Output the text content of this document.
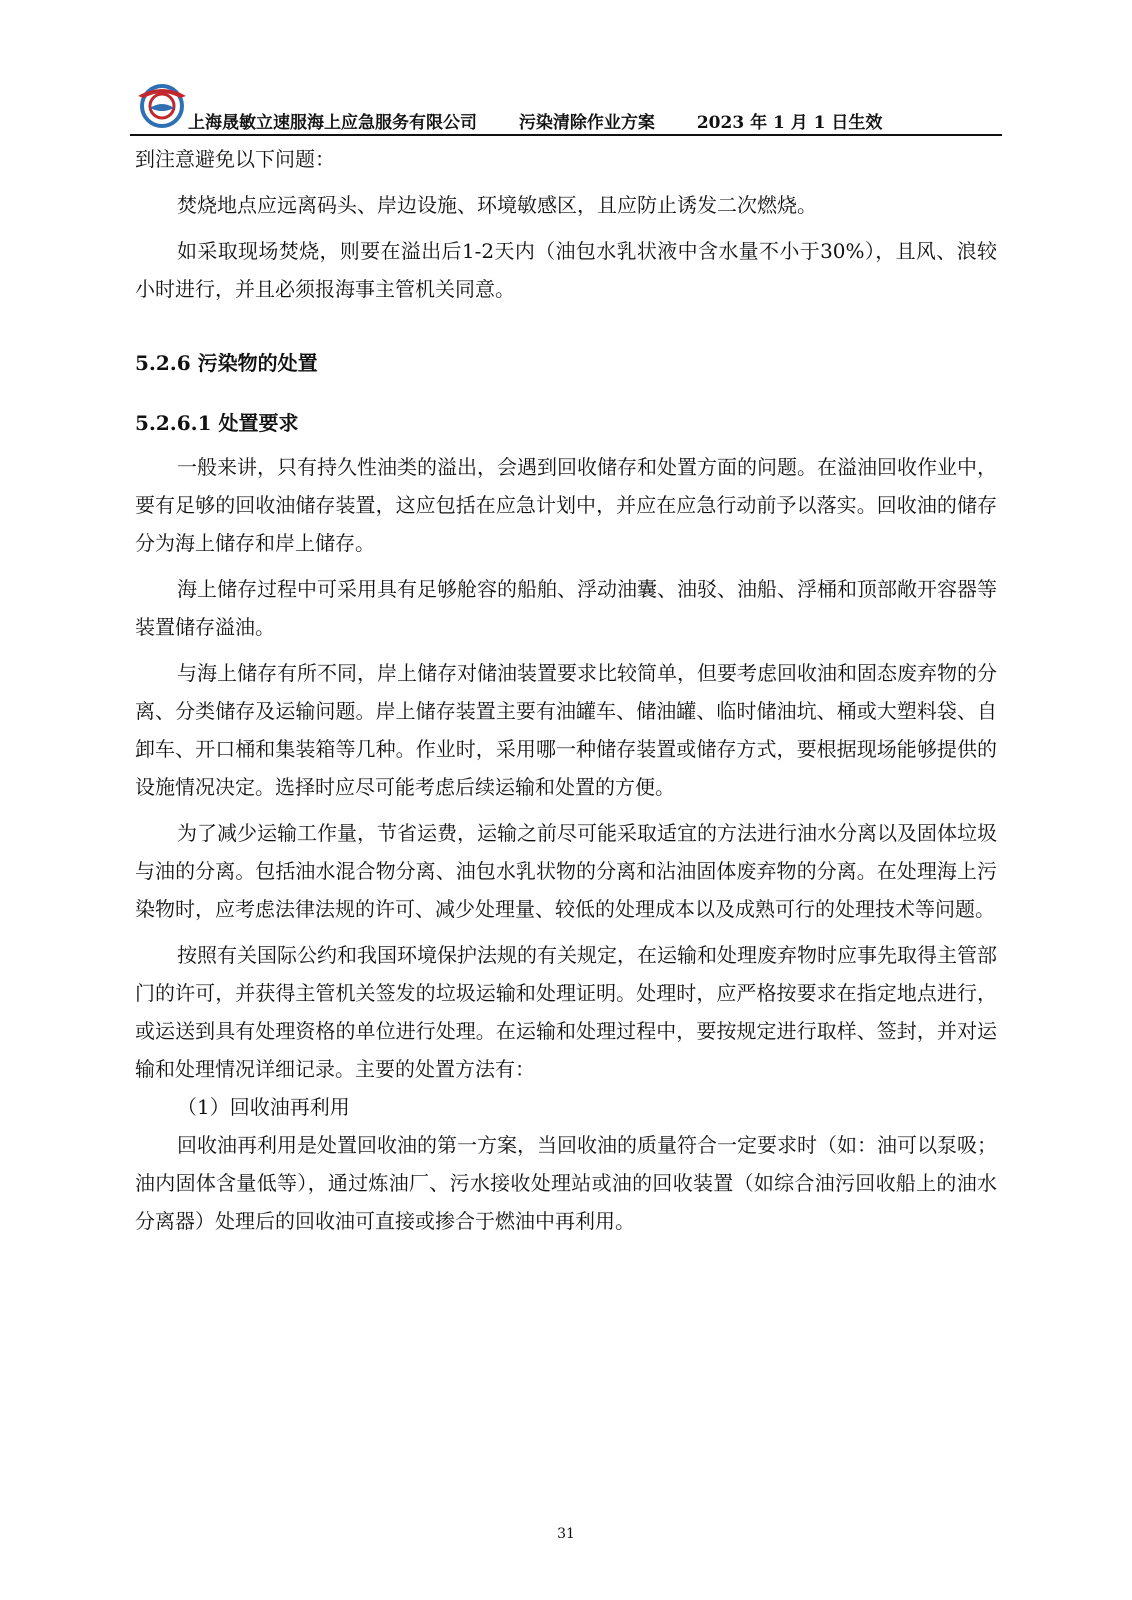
上海晟敏立速服海上应急服务有限公司 污染清除作业方案 2023 年 1 月 1 日生效

到注意避免以下问题：

焚烧地点应远离码头、岸边设施、环境敏感区，且应防止诱发二次燃烧。

如采取现场焚烧，则要在溢出后1-2天内（油包水乳状液中含水量不小于30%），且风、浪较小时进行，并且必须报海事主管机关同意。

5.2.6 污染物的处置
5.2.6.1 处置要求

一般来讲，只有持久性油类的溢出，会遇到回收储存和处置方面的问题。在溢油回收作业中，要有足够的回收油储存装置，这应包括在应急计划中，并应在应急行动前予以落实。回收油的储存分为海上储存和岸上储存。

海上储存过程中可采用具有足够舱容的船舶、浮动油囊、油驳、油船、浮桶和顶部敞开容器等装置储存溢油。

与海上储存有所不同，岸上储存对储油装置要求比较简单，但要考虑回收油和固态废弃物的分离、分类储存及运输问题。岸上储存装置主要有油罐车、储油罐、临时储油坑、桶或大塑料袋、自卸车、开口桶和集装箱等几种。作业时，采用哪一种储存装置或储存方式，要根据现场能够提供的设施情况决定。选择时应尽可能考虑后续运输和处置的方便。

为了减少运输工作量，节省运费，运输之前尽可能采取适宜的方法进行油水分离以及固体垃圾与油的分离。包括油水混合物分离、油包水乳状物的分离和沾油固体废弃物的分离。在处理海上污染物时，应考虑法律法规的许可、减少处理量、较低的处理成本以及成熟可行的处理技术等问题。

按照有关国际公约和我国环境保护法规的有关规定，在运输和处理废弃物时应事先取得主管部门的许可，并获得主管机关签发的垃圾运输和处理证明。处理时，应严格按要求在指定地点进行，或运送到具有处理资格的单位进行处理。在运输和处理过程中，要按规定进行取样、签封，并对运输和处理情况详细记录。主要的处置方法有：

（1）回收油再利用

回收油再利用是处置回收油的第一方案，当回收油的质量符合一定要求时（如：油可以泵吸；油内固体含量低等），通过炼油厂、污水接收处理站或油的回收装置（如综合油污回收船上的油水分离器）处理后的回收油可直接或掺合于燃油中再利用。

31
